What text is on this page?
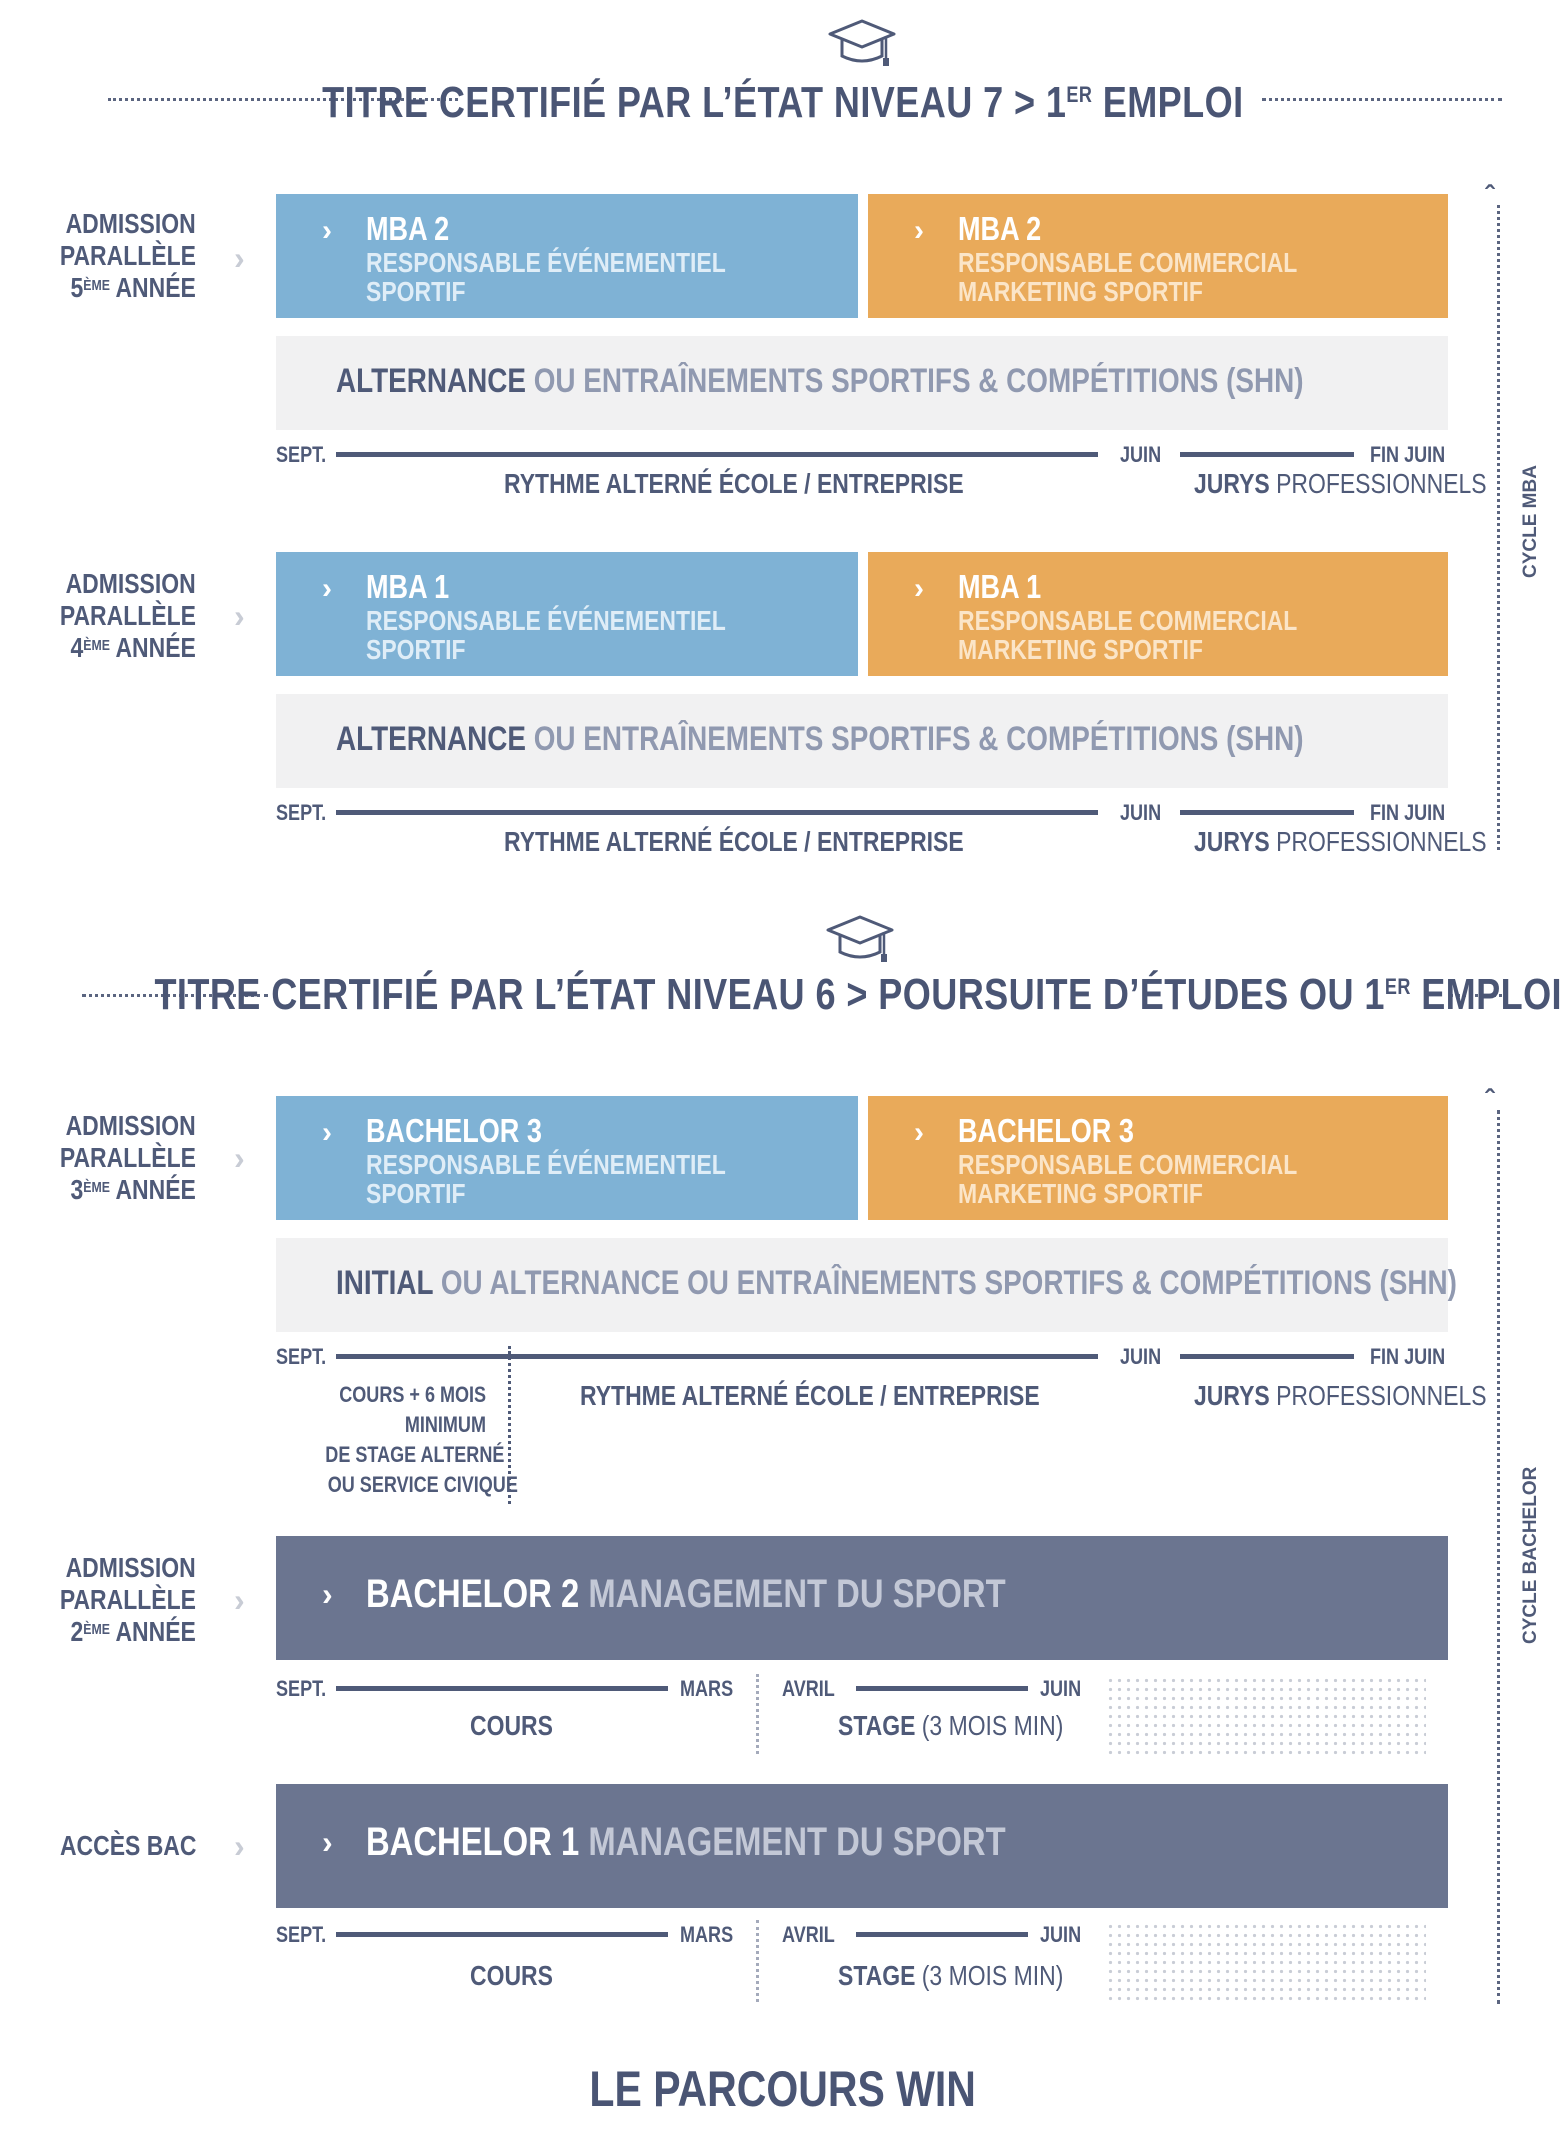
TITRE CERTIFIÉ PAR L’ÉTAT NIVEAU 7 > 1ER EMPLOI
ˆ
CYCLE MBA
ADMISSION
PARALLÈLE
5ÈME ANNÉE
›
› MBA 2
RESPONSABLE ÉVÉNEMENTIEL
SPORTIF
› MBA 2
RESPONSABLE COMMERCIAL
MARKETING SPORTIF
ALTERNANCE OU ENTRAÎNEMENTS SPORTIFS & COMPÉTITIONS (SHN)
SEPT.	JUIN	FIN JUIN
RYTHME ALTERNÉ ÉCOLE / ENTREPRISE	JURYS PROFESSIONNELS
ADMISSION
PARALLÈLE
4ÈME ANNÉE
›
› MBA 1
RESPONSABLE ÉVÉNEMENTIEL
SPORTIF
› MBA 1
RESPONSABLE COMMERCIAL
MARKETING SPORTIF
ALTERNANCE OU ENTRAÎNEMENTS SPORTIFS & COMPÉTITIONS (SHN)
SEPT.	JUIN	FIN JUIN
RYTHME ALTERNÉ ÉCOLE / ENTREPRISE	JURYS PROFESSIONNELS
TITRE CERTIFIÉ PAR L’ÉTAT NIVEAU 6 > POURSUITE D’ÉTUDES OU 1ER EMPLOI
ˆ
CYCLE BACHELOR
ADMISSION
PARALLÈLE
3ÈME ANNÉE
›
› BACHELOR 3
RESPONSABLE ÉVÉNEMENTIEL
SPORTIF
› BACHELOR 3
RESPONSABLE COMMERCIAL
MARKETING SPORTIF
INITIAL OU ALTERNANCE OU ENTRAÎNEMENTS SPORTIFS & COMPÉTITIONS (SHN)
SEPT.	JUIN	FIN JUIN
COURS + 6 MOIS
MINIMUM
DE STAGE ALTERNÉ
OU SERVICE CIVIQUE
RYTHME ALTERNÉ ÉCOLE / ENTREPRISE	JURYS PROFESSIONNELS
ADMISSION
PARALLÈLE
2ÈME ANNÉE
› › BACHELOR 2 MANAGEMENT DU SPORT
SEPT.	MARS	AVRIL	JUIN
COURS	STAGE (3 MOIS MIN)
ACCÈS BAC › › BACHELOR 1 MANAGEMENT DU SPORT
SEPT.	MARS	AVRIL	JUIN
COURS	STAGE (3 MOIS MIN)
LE PARCOURS WIN
